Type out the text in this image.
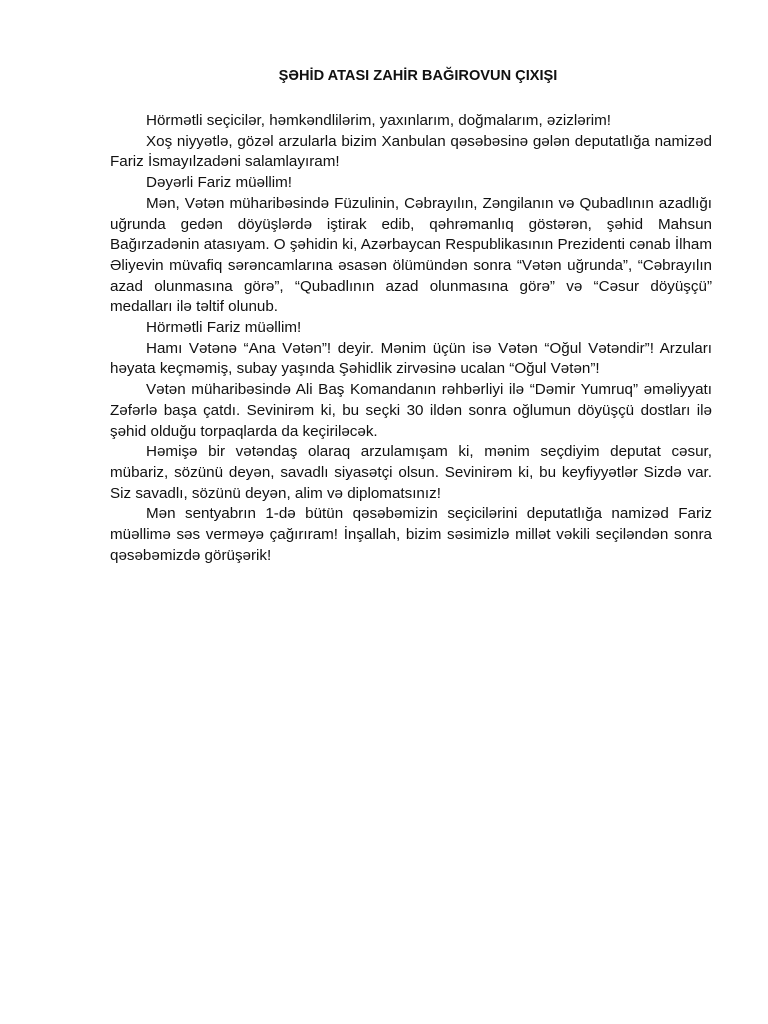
ŞƏHİD ATASI ZAHİR BAĞIROVUN ÇIXIŞI

Hörmətli seçicilər, həmkəndlilərim, yaxınlarım, doğmalarım, əzizlərim!

Xoş niyyətlə, gözəl arzularla bizim Xanbulan qəsəbəsinə gələn deputatlığa namizəd Fariz İsmayılzadəni salamlayıram!

Dəyərli Fariz müəllim!

Mən, Vətən müharibəsində Füzulinin, Cəbrayılın, Zəngilanın və Qubadlının azadlığı uğrunda gedən döyüşlərdə iştirak edib, qəhrəmanlıq göstərən, şəhid Mahsun Bağırzadənin atasıyam. O şəhidin ki, Azərbaycan Respublikasının Prezidenti cənab İlham Əliyevin müvafiq sərəncamlarına əsasən ölümündən sonra “Vətən uğrunda”, “Cəbrayılın azad olunmasına görə”, “Qubadlının azad olunmasına görə” və “Cəsur döyüşçü” medalları ilə təltif olunub.

Hörmətli Fariz müəllim!

Hamı Vətənə “Ana Vətən”! deyir. Mənim üçün isə Vətən “Oğul Vətəndir”! Arzuları həyata keçməmiş, subay yaşında Şəhidlik zirvəsinə ucalan “Oğul Vətən”!

Vətən müharibəsində Ali Baş Komandanın rəhbərliyi ilə “Dəmir Yumruq” əməliyyatı Zəfərlə başa çatdı. Sevinirəm ki, bu seçki 30 ildən sonra oğlumun döyüşçü dostları ilə şəhid olduğu torpaqlarda da keçiriləcək.

Həmişə bir vətəndaş olaraq arzulamışam ki, mənim seçdiyim deputat cəsur, mübariz, sözünü deyən, savadlı siyasətçi olsun. Sevinirəm ki, bu keyfiyyətlər Sizdə var. Siz savadlı, sözünü deyən, alim və diplomatsınız!

Mən sentyabrın 1-də bütün qəsəbəmizin seçicilərini deputatlığa namizəd Fariz müəllimə səs verməyə çağırıram! İnşallah, bizim səsimizlə millət vəkili seçiləndən sonra qəsəbəmizdə görüşərik!
